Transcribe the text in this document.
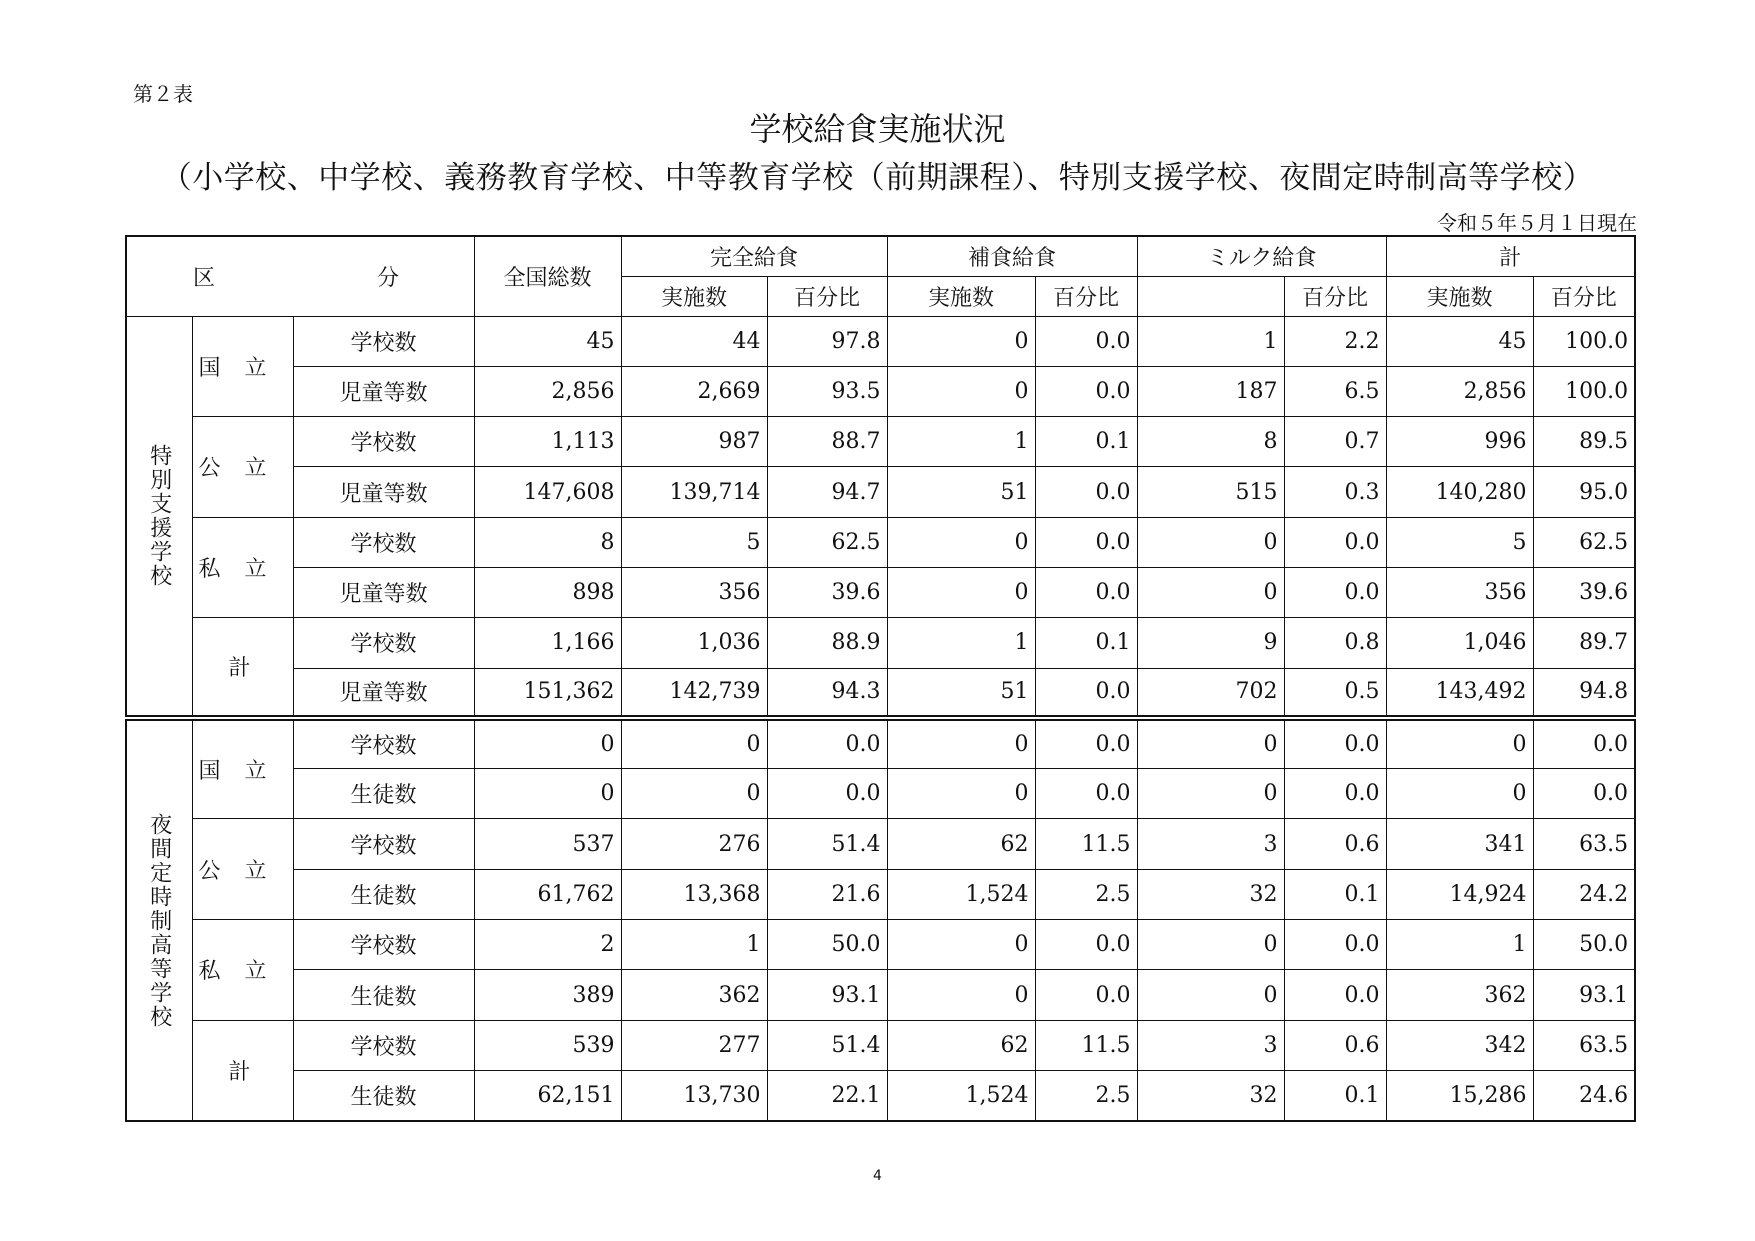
第２表
学校給食実施状況
（小学校、中学校、義務教育学校、中等教育学校（前期課程）、特別支援学校、夜間定時制高等学校）
令和５年５月１日現在
区　分			全国総数	完全給食		補食給食		ミルク給食		計	
				実施数	百分比	実施数	百分比		百分比	実施数	百分比

特別支援学校	国立	学校数	45	44	97.8	0	0.0	1	2.2	45	100.0
		児童等数	2,856	2,669	93.5	0	0.0	187	6.5	2,856	100.0
	公立	学校数	1,113	987	88.7	1	0.1	8	0.7	996	89.5
		児童等数	147,608	139,714	94.7	51	0.0	515	0.3	140,280	95.0
	私立	学校数	8	5	62.5	0	0.0	0	0.0	5	62.5
		児童等数	898	356	39.6	0	0.0	0	0.0	356	39.6
	計	学校数	1,166	1,036	88.9	1	0.1	9	0.8	1,046	89.7
		児童等数	151,362	142,739	94.3	51	0.0	702	0.5	143,492	94.8

夜間定時制高等学校	国立	学校数	0	0	0.0	0	0.0	0	0.0	0	0.0
		生徒数	0	0	0.0	0	0.0	0	0.0	0	0.0
	公立	学校数	537	276	51.4	62	11.5	3	0.6	341	63.5
		生徒数	61,762	13,368	21.6	1,524	2.5	32	0.1	14,924	24.2
	私立	学校数	2	1	50.0	0	0.0	0	0.0	1	50.0
		生徒数	389	362	93.1	0	0.0	0	0.0	362	93.1
	計	学校数	539	277	51.4	62	11.5	3	0.6	342	63.5
		生徒数	62,151	13,730	22.1	1,524	2.5	32	0.1	15,286	24.6
4
